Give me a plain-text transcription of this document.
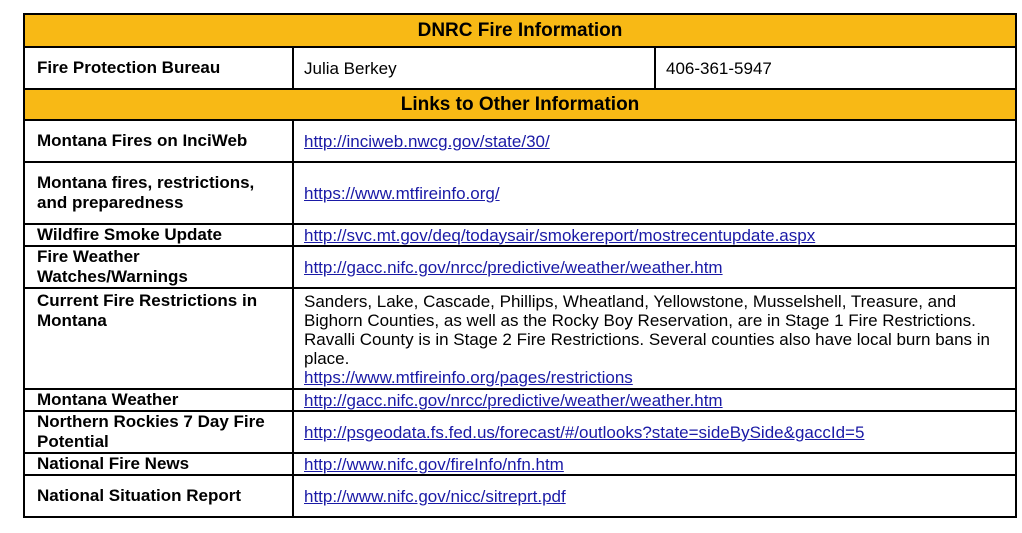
DNRC Fire Information		
Fire Protection Bureau	Julia Berkey	406-361-5947
Links to Other Information		
Montana Fires on InciWeb	http://inciweb.nwcg.gov/state/30/	
Montana fires, restrictions, and preparedness	https://www.mtfireinfo.org/	
Wildfire Smoke Update	http://svc.mt.gov/deq/todaysair/smokereport/mostrecentupdate.aspx	
Fire Weather Watches/Warnings	http://gacc.nifc.gov/nrcc/predictive/weather/weather.htm	
Current Fire Restrictions in Montana	Sanders, Lake, Cascade, Phillips, Wheatland, Yellowstone, Musselshell, Treasure, and Bighorn Counties, as well as the Rocky Boy Reservation, are in Stage 1 Fire Restrictions. Ravalli County is in Stage 2 Fire Restrictions. Several counties also have local burn bans in place.
https://www.mtfireinfo.org/pages/restrictions	
Montana Weather	http://gacc.nifc.gov/nrcc/predictive/weather/weather.htm	
Northern Rockies 7 Day Fire Potential	http://psgeodata.fs.fed.us/forecast/#/outlooks?state=sideBySide&gaccId=5	
National Fire News	http://www.nifc.gov/fireInfo/nfn.htm	
National Situation Report	http://www.nifc.gov/nicc/sitreprt.pdf	
